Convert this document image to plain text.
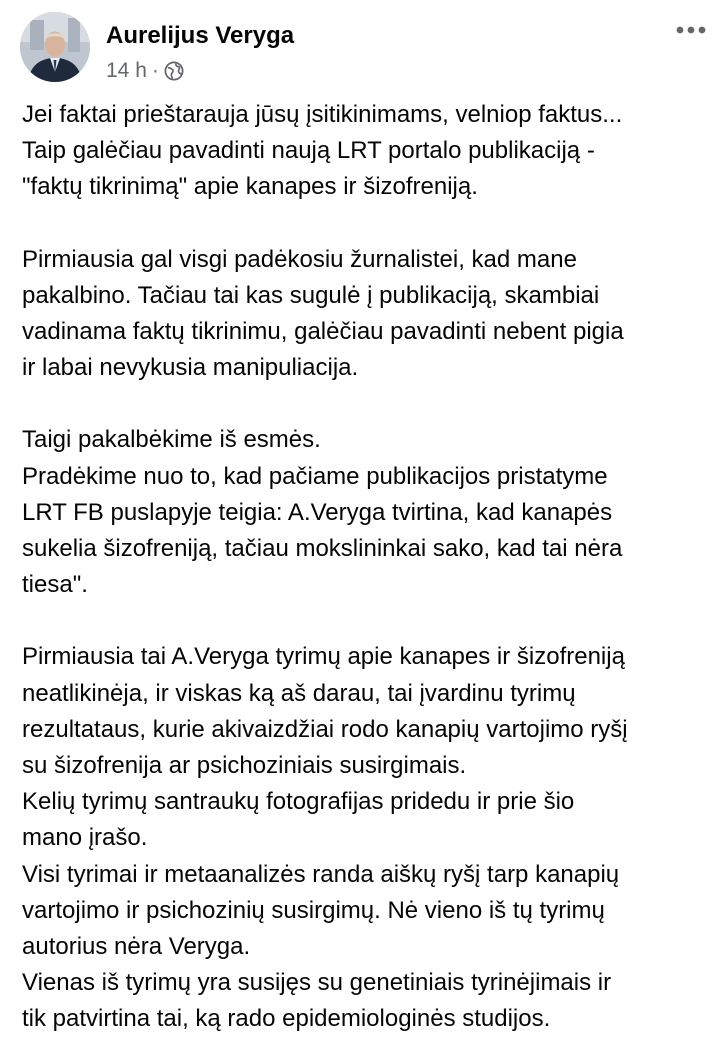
Aurelijus Veryga
14 h ·

Jei faktai prieštarauja jūsų įsitikinimams, velniop faktus...
Taip galėčiau pavadinti naują LRT portalo publikaciją -
"faktų tikrinimą" apie kanapes ir šizofreniją.

Pirmiausia gal visgi padėkosiu žurnalistei, kad mane
pakalbino. Tačiau tai kas sugulė į publikaciją, skambiai
vadinama faktų tikrinimu, galėčiau pavadinti nebent pigia
ir labai nevykusia manipuliacija.

Taigi pakalbėkime iš esmės.
Pradėkime nuo to, kad pačiame publikacijos pristatyme
LRT FB puslapyje teigia: A.Veryga tvirtina, kad kanapės
sukelia šizofreniją, tačiau mokslininkai sako, kad tai nėra
tiesa".

Pirmiausia tai A.Veryga tyrimų apie kanapes ir šizofreniją
neatlikinėja, ir viskas ką aš darau, tai įvardinu tyrimų
rezultataus, kurie akivaizdžiai rodo kanapių vartojimo ryšį
su šizofrenija ar psichoziniais susirgimais.
Kelių tyrimų santraukų fotografijas pridedu ir prie šio
mano įrašo.
Visi tyrimai ir metaanalizės randa aiškų ryšį tarp kanapių
vartojimo ir psichozinių susirgimų. Nė vieno iš tų tyrimų
autorius nėra Veryga.
Vienas iš tyrimų yra susijęs su genetiniais tyrinėjimais ir
tik patvirtina tai, ką rado epidemiologinės studijos.
